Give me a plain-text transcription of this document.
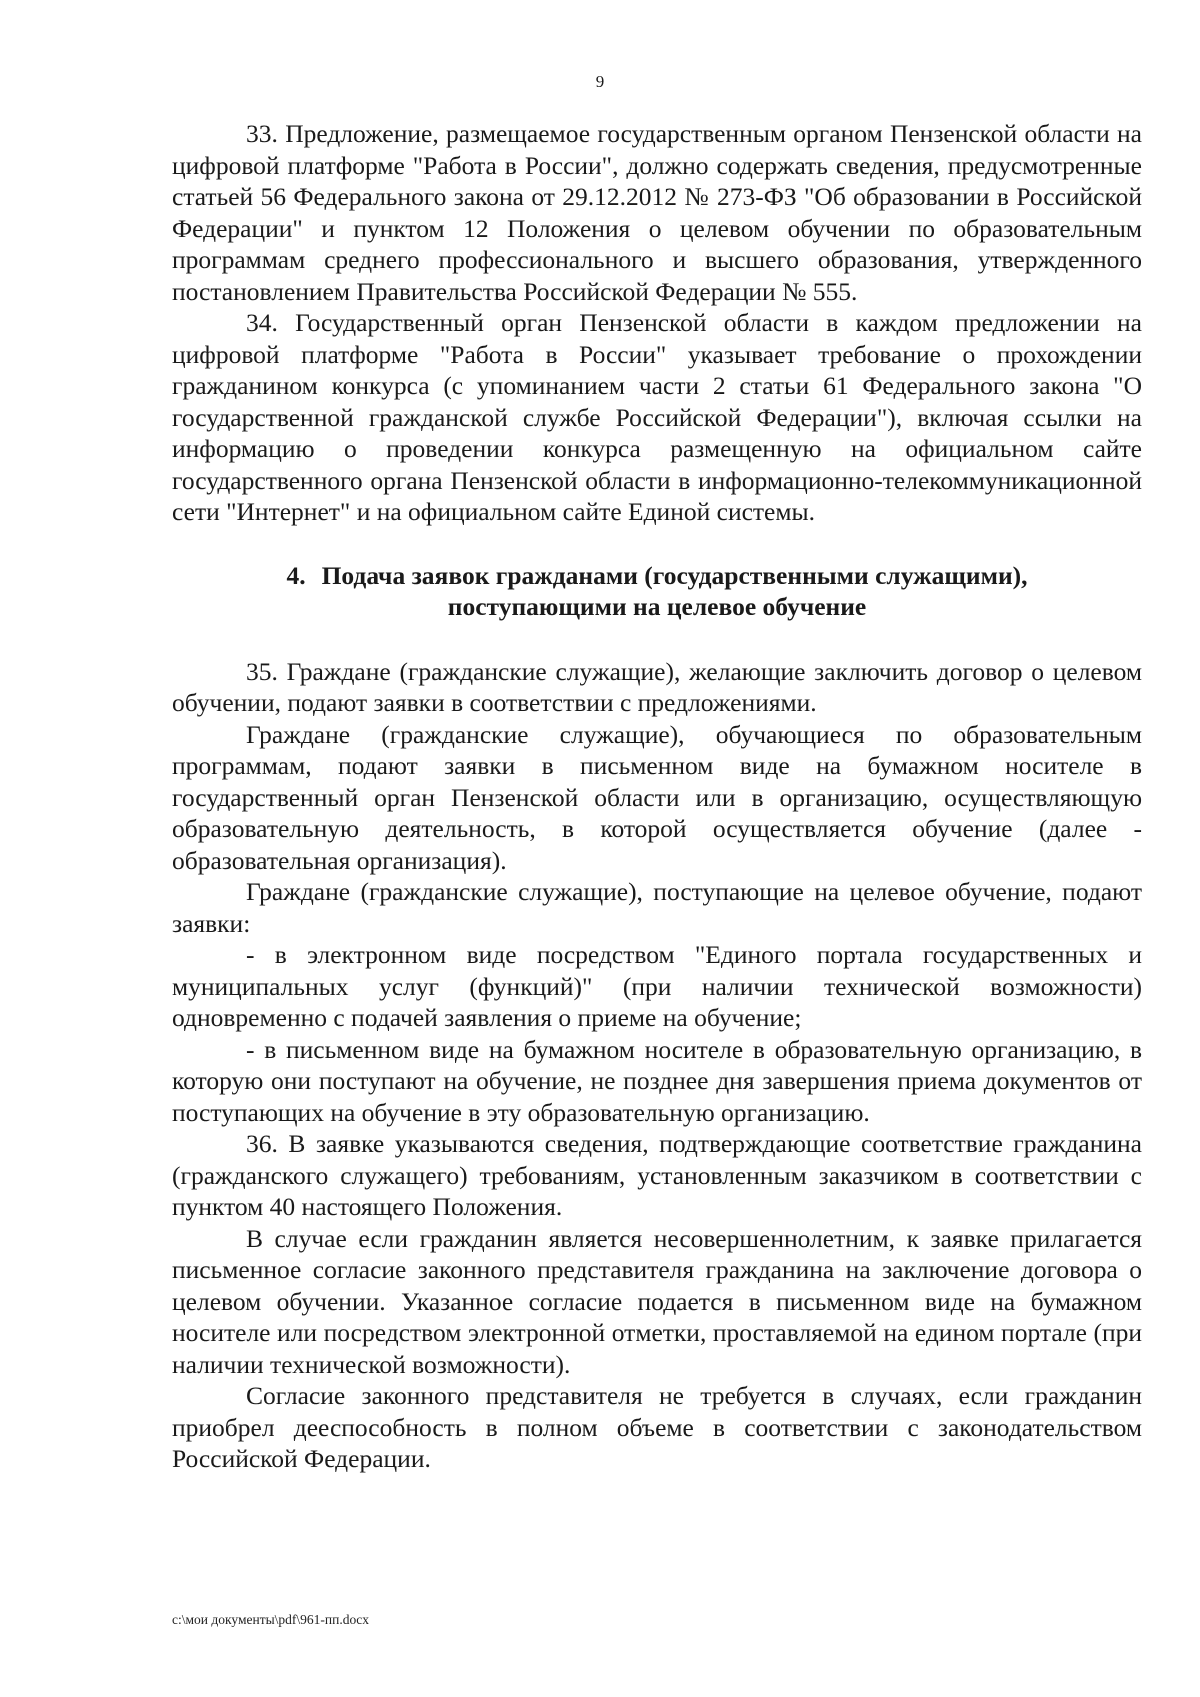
9

33. Предложение, размещаемое государственным органом Пензенской области на цифровой платформе "Работа в России", должно содержать сведения, предусмотренные статьей 56 Федерального закона от 29.12.2012 № 273-ФЗ "Об образовании в Российской Федерации" и пунктом 12 Положения о целевом обучении по образовательным программам среднего профессионального и высшего образования, утвержденного постановлением Правительства Российской Федерации № 555.

34. Государственный орган Пензенской области в каждом предложении на цифровой платформе "Работа в России" указывает требование о прохождении гражданином конкурса (с упоминанием части 2 статьи 61 Федерального закона "О государственной гражданской службе Российской Федерации"), включая ссылки на информацию о проведении конкурса размещенную на официальном сайте государственного органа Пензенской области в информационно-телекоммуникационной сети "Интернет" и на официальном сайте Единой системы.

4. Подача заявок гражданами (государственными служащими),
поступающими на целевое обучение

35. Граждане (гражданские служащие), желающие заключить договор о целевом обучении, подают заявки в соответствии с предложениями.

Граждане (гражданские служащие), обучающиеся по образовательным программам, подают заявки в письменном виде на бумажном носителе в государственный орган Пензенской области или в организацию, осуществляющую образовательную деятельность, в которой осуществляется обучение (далее - образовательная организация).

Граждане (гражданские служащие), поступающие на целевое обучение, подают заявки:

- в электронном виде посредством "Единого портала государственных и муниципальных услуг (функций)" (при наличии технической возможности) одновременно с подачей заявления о приеме на обучение;

- в письменном виде на бумажном носителе в образовательную организацию, в которую они поступают на обучение, не позднее дня завершения приема документов от поступающих на обучение в эту образовательную организацию.

36. В заявке указываются сведения, подтверждающие соответствие гражданина (гражданского служащего) требованиям, установленным заказчиком в соответствии с пунктом 40 настоящего Положения.

В случае если гражданин является несовершеннолетним, к заявке прилагается письменное согласие законного представителя гражданина на заключение договора о целевом обучении. Указанное согласие подается в письменном виде на бумажном носителе или посредством электронной отметки, проставляемой на едином портале (при наличии технической возможности).

Согласие законного представителя не требуется в случаях, если гражданин приобрел дееспособность в полном объеме в соответствии с законодательством Российской Федерации.

c:\мои документы\pdf\961-пп.docx
